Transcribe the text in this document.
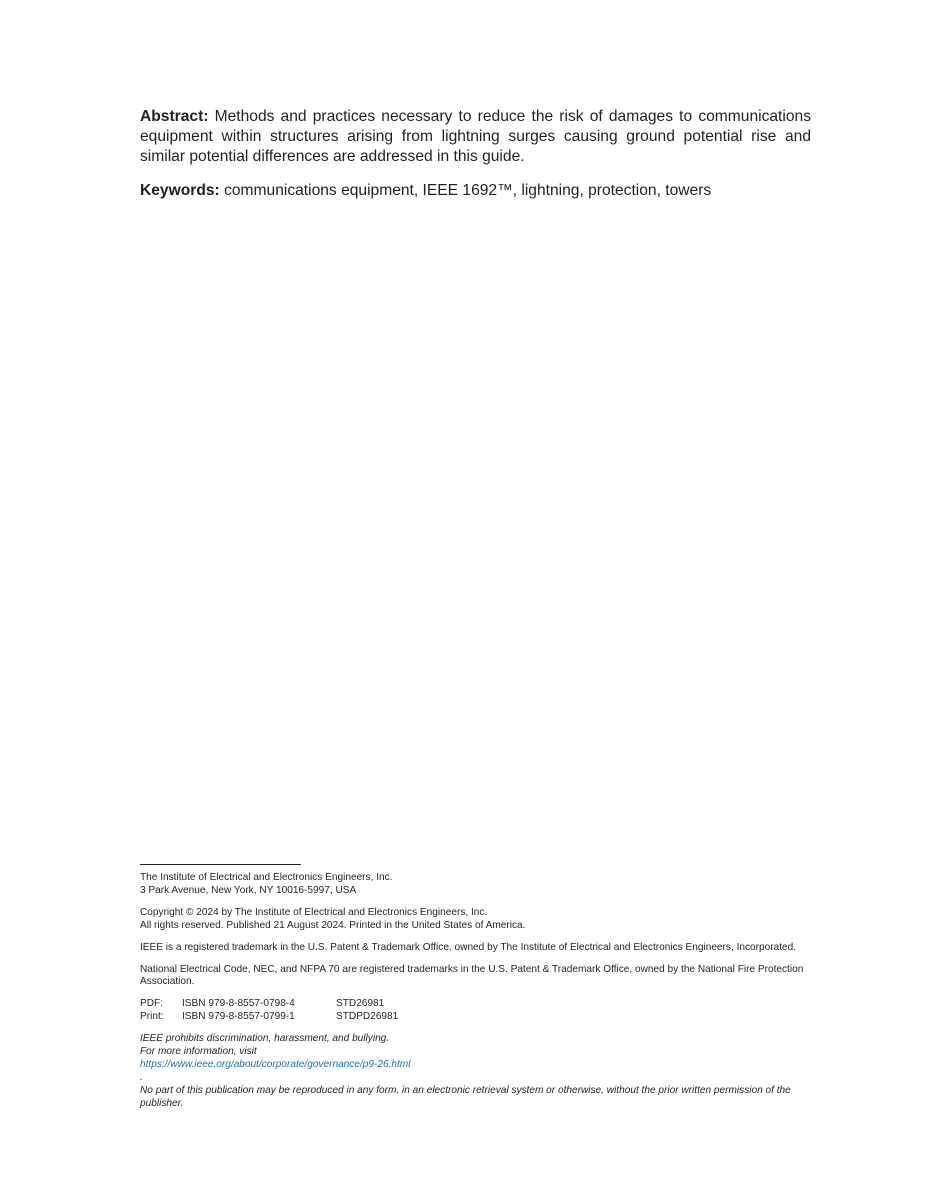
Abstract: Methods and practices necessary to reduce the risk of damages to communications equipment within structures arising from lightning surges causing ground potential rise and similar potential differences are addressed in this guide.

Keywords: communications equipment, IEEE 1692™, lightning, protection, towers

The Institute of Electrical and Electronics Engineers, Inc.
3 Park Avenue, New York, NY 10016-5997, USA

Copyright © 2024 by The Institute of Electrical and Electronics Engineers, Inc.
All rights reserved. Published 21 August 2024. Printed in the United States of America.

IEEE is a registered trademark in the U.S. Patent & Trademark Office, owned by The Institute of Electrical and Electronics Engineers, Incorporated.

National Electrical Code, NEC, and NFPA 70 are registered trademarks in the U.S. Patent & Trademark Office, owned by the National Fire Protection Association.

PDF:	ISBN 979-8-8557-0798-4	STD26981
Print:	ISBN 979-8-8557-0799-1	STDPD26981

IEEE prohibits discrimination, harassment, and bullying.
For more information, visit
https://www.ieee.org/about/corporate/governance/p9-26.html
.
No part of this publication may be reproduced in any form, in an electronic retrieval system or otherwise, without the prior written permission of the publisher.
